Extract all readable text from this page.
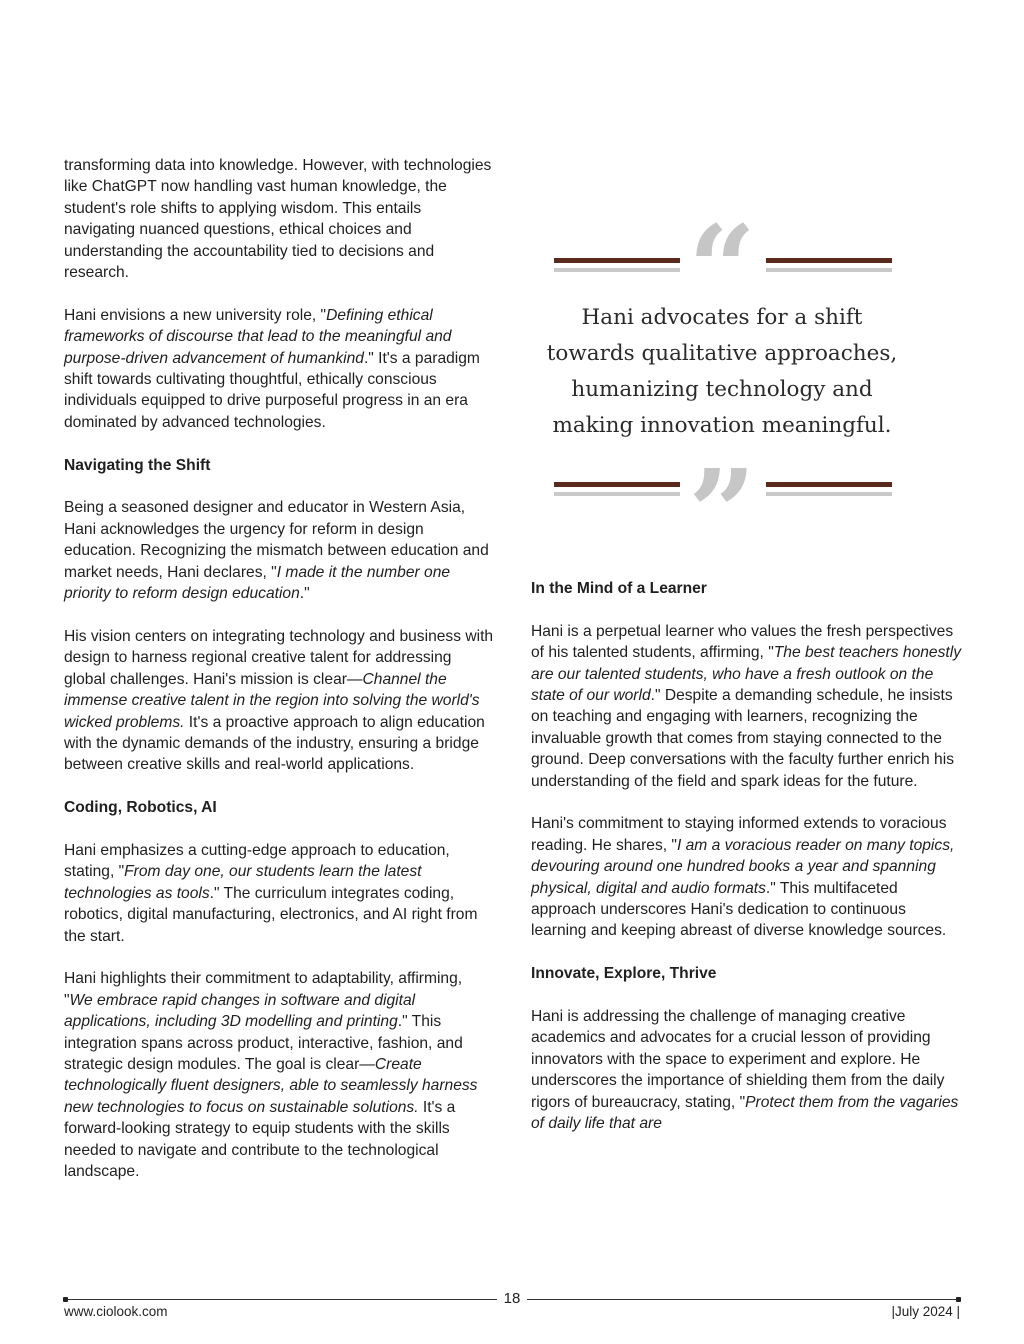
transforming data into knowledge. However, with technologies like ChatGPT now handling vast human knowledge, the student's role shifts to applying wisdom. This entails navigating nuanced questions, ethical choices and understanding the accountability tied to decisions and research.

Hani envisions a new university role, "Defining ethical frameworks of discourse that lead to the meaningful and purpose-driven advancement of humankind." It's a paradigm shift towards cultivating thoughtful, ethically conscious individuals equipped to drive purposeful progress in an era dominated by advanced technologies.

Navigating the Shift

Being a seasoned designer and educator in Western Asia, Hani acknowledges the urgency for reform in design education. Recognizing the mismatch between education and market needs, Hani declares, "I made it the number one priority to reform design education."

His vision centers on integrating technology and business with design to harness regional creative talent for addressing global challenges. Hani's mission is clear—Channel the immense creative talent in the region into solving the world's wicked problems. It's a proactive approach to align education with the dynamic demands of the industry, ensuring a bridge between creative skills and real-world applications.

Coding, Robotics, AI

Hani emphasizes a cutting-edge approach to education, stating, "From day one, our students learn the latest technologies as tools." The curriculum integrates coding, robotics, digital manufacturing, electronics, and AI right from the start.

Hani highlights their commitment to adaptability, affirming, "We embrace rapid changes in software and digital applications, including 3D modelling and printing." This integration spans across product, interactive, fashion, and strategic design modules. The goal is clear—Create technologically fluent designers, able to seamlessly harness new technologies to focus on sustainable solutions. It's a forward-looking strategy to equip students with the skills needed to navigate and contribute to the technological landscape.

“
Hani advocates for a shift towards qualitative approaches, humanizing technology and making innovation meaningful.
”
In the Mind of a Learner

Hani is a perpetual learner who values the fresh perspectives of his talented students, affirming, "The best teachers honestly are our talented students, who have a fresh outlook on the state of our world." Despite a demanding schedule, he insists on teaching and engaging with learners, recognizing the invaluable growth that comes from staying connected to the ground. Deep conversations with the faculty further enrich his understanding of the field and spark ideas for the future.

Hani's commitment to staying informed extends to voracious reading. He shares, "I am a voracious reader on many topics, devouring around one hundred books a year and spanning physical, digital and audio formats." This multifaceted approach underscores Hani's dedication to continuous learning and keeping abreast of diverse knowledge sources.

Innovate, Explore, Thrive

Hani is addressing the challenge of managing creative academics and advocates for a crucial lesson of providing innovators with the space to experiment and explore. He underscores the importance of shielding them from the daily rigors of bureaucracy, stating, "Protect them from the vagaries of daily life that are

18
www.ciolook.com	|July 2024 |
